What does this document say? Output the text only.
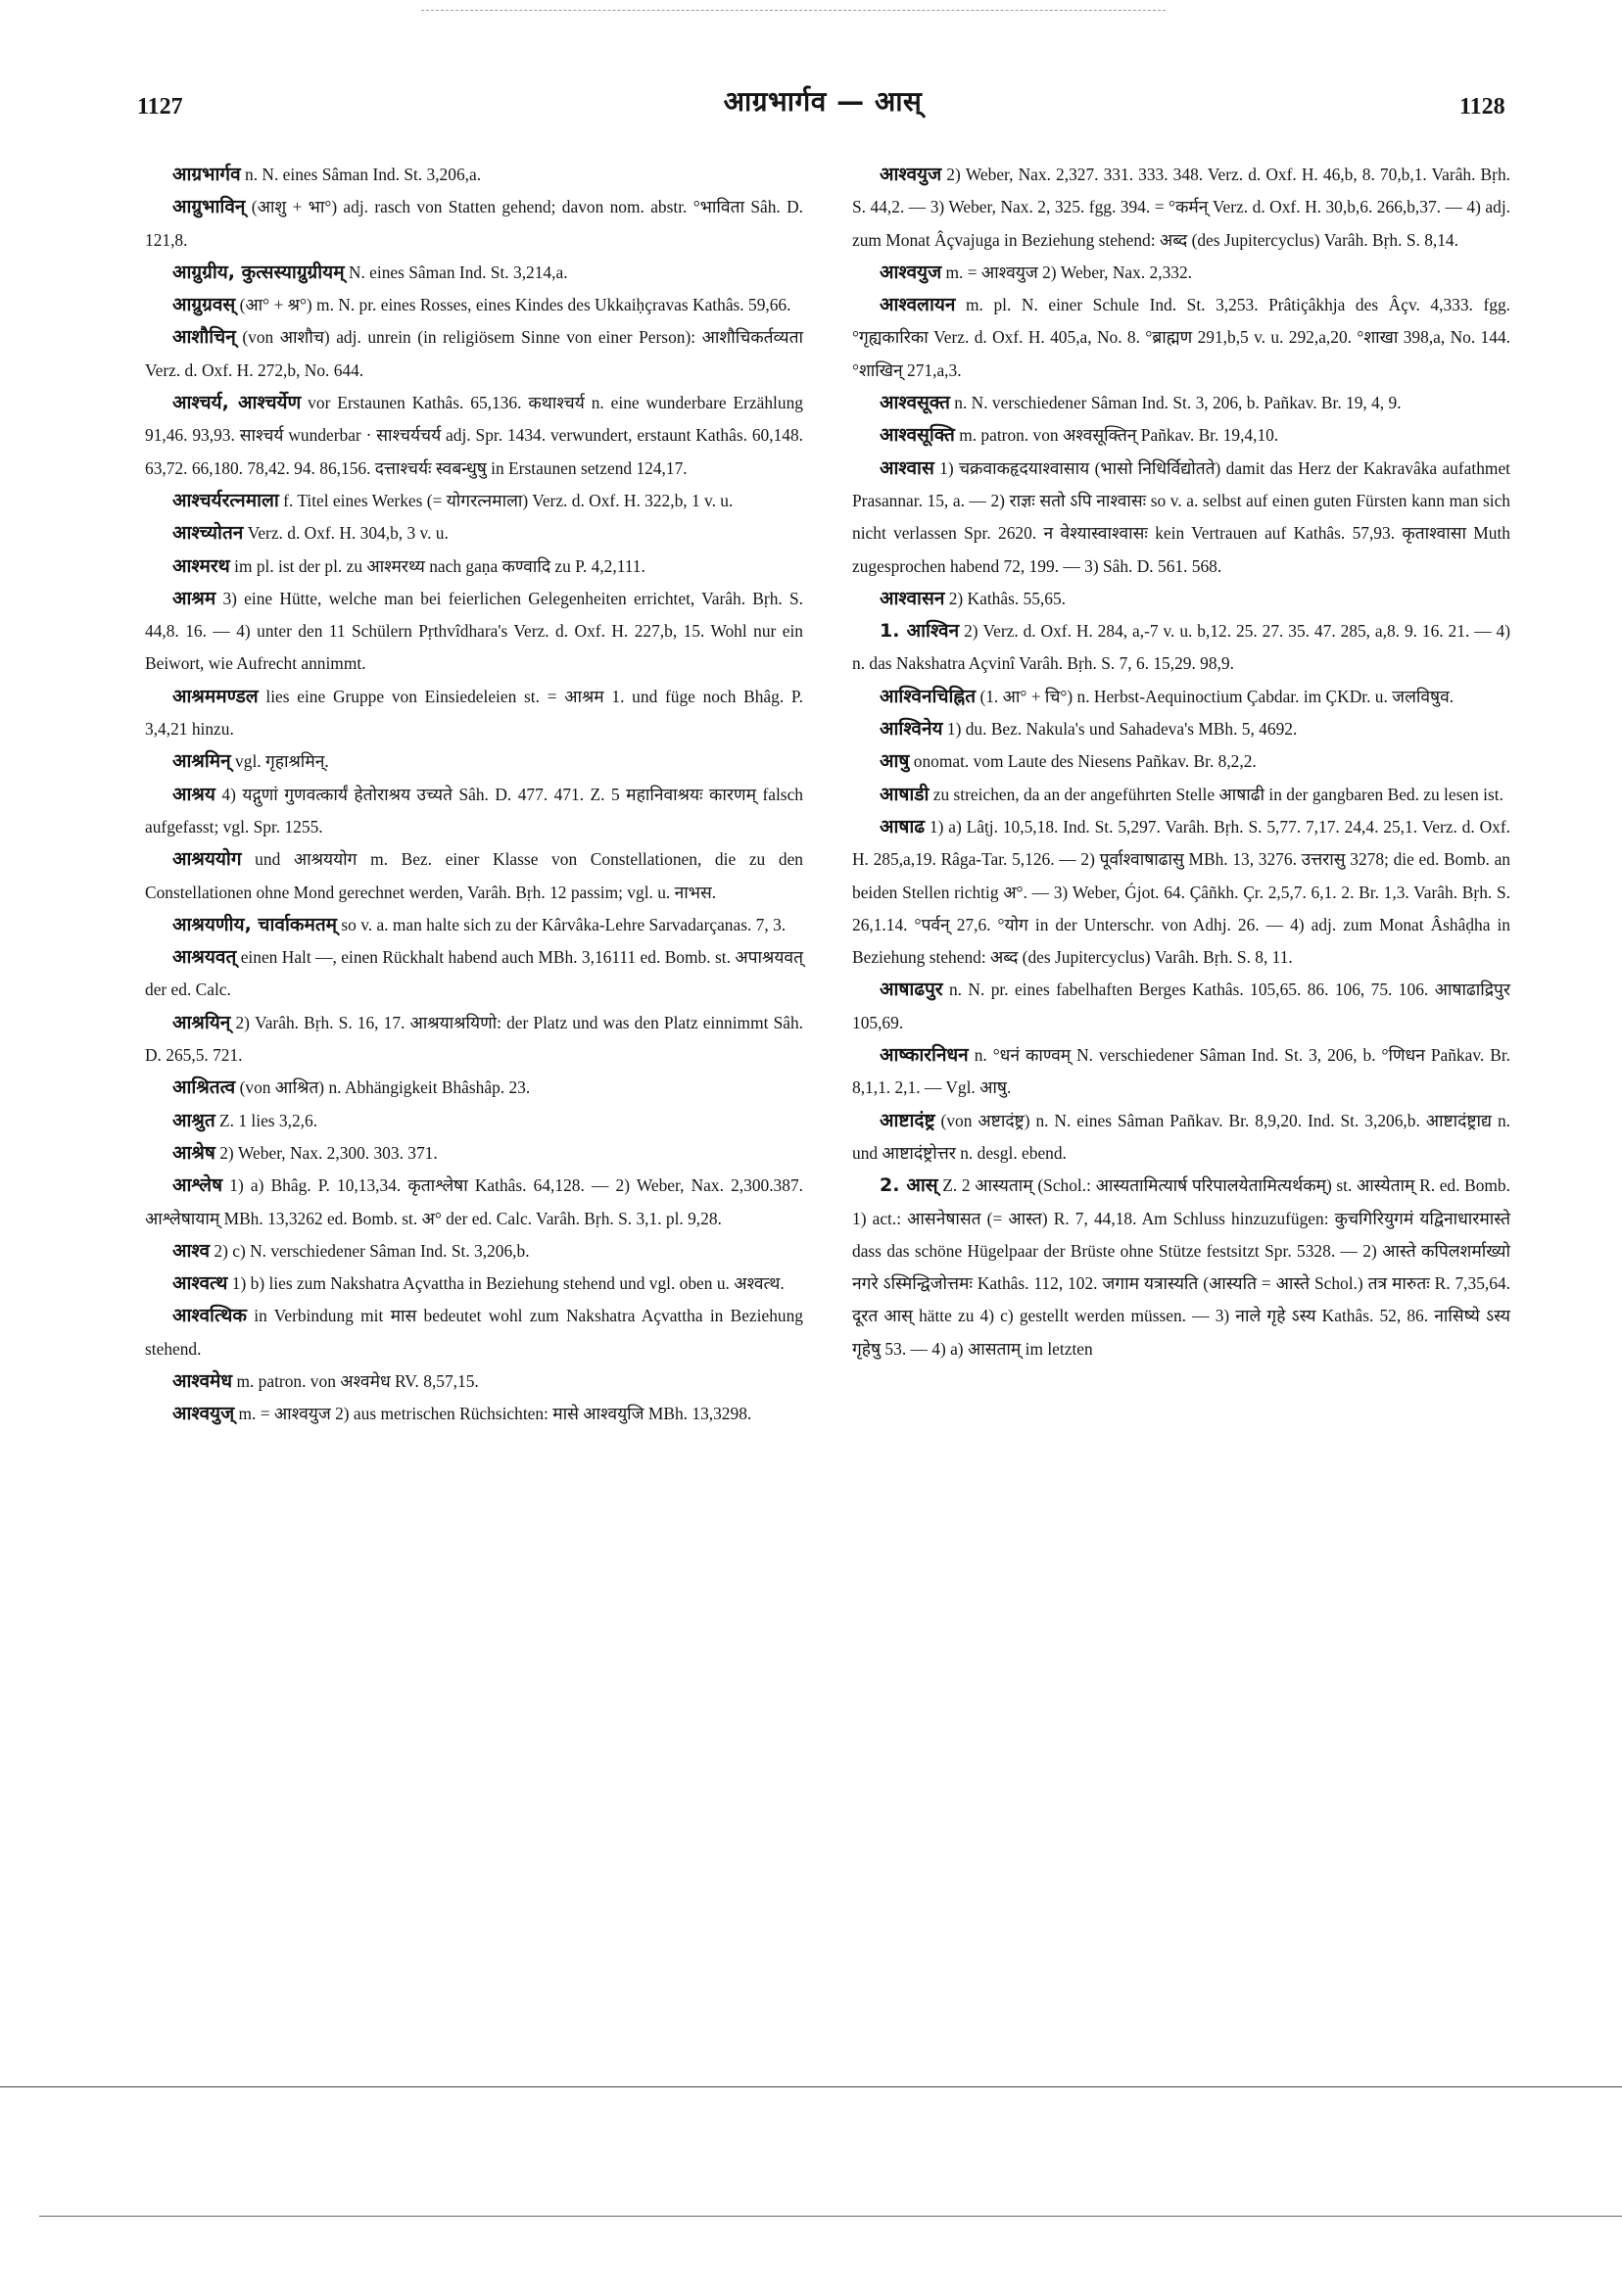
1127	आग्रभार्गव — आस्	1128

आग्रभार्गव n. N. eines Sâman Ind. St. 3,206,a.

आग्रुभाविन् (आशु + भा°) adj. rasch von Statten gehend; davon nom. abstr. °भाविता Sâh. D. 121,8.

आग्रुग्रीय, कुत्सस्याग्रुग्रीयम् N. eines Sâman Ind. St. 3,214,a.

आग्रुग्रवस् (आ° + श्र°) m. N. pr. eines Rosses, eines Kindes des Ukkaiḥçravas Kathâs. 59,66.

आशौचिन् (von आशौच) adj. unrein (in religiösem Sinne von einer Person): आशौचिकर्तव्यता Verz. d. Oxf. H. 272,b, No. 644.

आश्चर्य, आश्चर्येण vor Erstaunen Kathâs. 65,136. कथाश्चर्य n. eine wunderbare Erzählung 91,46. 93,93. साश्चर्य wunderbar · साश्चर्यचर्य adj. Spr. 1434. verwundert, erstaunt Kathâs. 60,148. 63,72. 66,180. 78,42. 94. 86,156. दत्ताश्चर्यः स्वबन्धुषु in Erstaunen setzend 124,17.

आश्चर्यरत्नमाला f. Titel eines Werkes (= योगरत्नमाला) Verz. d. Oxf. H. 322,b, 1 v. u.

आश्च्योतन Verz. d. Oxf. H. 304,b, 3 v. u.

आश्मरथ im pl. ist der pl. zu आश्मरथ्य nach gaṇa कण्वादि zu P. 4,2,111.

आश्रम 3) eine Hütte, welche man bei feierlichen Gelegenheiten errichtet, Varâh. Bṛh. S. 44,8. 16. — 4) unter den 11 Schülern Pṛthvîdhara's Verz. d. Oxf. H. 227,b, 15. Wohl nur ein Beiwort, wie Aufrecht annimmt.

आश्रममण्डल lies eine Gruppe von Einsiedeleien st. = आश्रम 1. und füge noch Bhâg. P. 3,4,21 hinzu.

आश्रमिन् vgl. गृहाश्रमिन्.

आश्रय 4) यद्गुणां गुणवत्कार्यं हेतोराश्रय उच्यते Sâh. D. 477. 471. Z. 5 महानिवाश्रयः कारणम् falsch aufgefasst; vgl. Spr. 1255.

आश्रययोग und आश्रययोग m. Bez. einer Klasse von Constellationen, die zu den Constellationen ohne Mond gerechnet werden, Varâh. Bṛh. 12 passim; vgl. u. नाभस.

आश्रयणीय, चार्वाकमतम् so v. a. man halte sich zu der Kârvâka-Lehre Sarvadarçanas. 7, 3.

आश्रयवत् einen Halt —, einen Rückhalt habend auch MBh. 3,16111 ed. Bomb. st. अपाश्रयवत् der ed. Calc.

आश्रयिन् 2) Varâh. Bṛh. S. 16, 17. आश्रयाश्रयिणो: der Platz und was den Platz einnimmt Sâh. D. 265,5. 721.

आश्रितत्व (von आश्रित) n. Abhängigkeit Bhâshâp. 23.

आश्रुत Z. 1 lies 3,2,6.

आश्रेष 2) Weber, Nax. 2,300. 303. 371.

आश्लेष 1) a) Bhâg. P. 10,13,34. कृताश्लेषा Kathâs. 64,128. — 2) Weber, Nax. 2,300.387. आश्लेषायाम् MBh. 13,3262 ed. Bomb. st. अ° der ed. Calc. Varâh. Bṛh. S. 3,1. pl. 9,28.

आश्व 2) c) N. verschiedener Sâman Ind. St. 3,206,b.

आश्वत्थ 1) b) lies zum Nakshatra Açvattha in Beziehung stehend und vgl. oben u. अश्वत्थ.

आश्वत्थिक in Verbindung mit मास bedeutet wohl zum Nakshatra Açvattha in Beziehung stehend.

आश्वमेध m. patron. von अश्वमेध RV. 8,57,15.

आश्वयुज् m. = आश्वयुज 2) aus metrischen Rüchsichten: मासे आश्वयुजि MBh. 13,3298.

आश्वयुज 2) Weber, Nax. 2,327. 331. 333. 348. Verz. d. Oxf. H. 46,b, 8. 70,b,1. Varâh. Bṛh. S. 44,2. — 3) Weber, Nax. 2, 325. fgg. 394. = °कर्मन् Verz. d. Oxf. H. 30,b,6. 266,b,37. — 4) adj. zum Monat Âçvajuga in Beziehung stehend: अब्द (des Jupitercyclus) Varâh. Bṛh. S. 8,14.

आश्वयुज m. = आश्वयुज 2) Weber, Nax. 2,332.

आश्वलायन m. pl. N. einer Schule Ind. St. 3,253. Prâtiçâkhja des Âçv. 4,333. fgg. °गृह्यकारिका Verz. d. Oxf. H. 405,a, No. 8. °ब्राह्मण 291,b,5 v. u. 292,a,20. °शाखा 398,a, No. 144. °शाखिन् 271,a,3.

आश्वसूक्त n. N. verschiedener Sâman Ind. St. 3, 206, b. Pañkav. Br. 19, 4, 9.

आश्वसूक्ति m. patron. von अश्वसूक्तिन् Pañkav. Br. 19,4,10.

आश्वास 1) चक्रवाकहृदयाश्वासाय (भासो निधिर्विद्योतते) damit das Herz der Kakravâka aufathmet Prasannar. 15, a. — 2) राज्ञः सतो ऽपि नाश्वासः so v. a. selbst auf einen guten Fürsten kann man sich nicht verlassen Spr. 2620. न वेश्यास्वाश्वासः kein Vertrauen auf Kathâs. 57,93. कृताश्वासा Muth zugesprochen habend 72, 199. — 3) Sâh. D. 561. 568.

आश्वासन 2) Kathâs. 55,65.

1. आश्विन 2) Verz. d. Oxf. H. 284, a,-7 v. u. b,12. 25. 27. 35. 47. 285, a,8. 9. 16. 21. — 4) n. das Nakshatra Açvinî Varâh. Bṛh. S. 7, 6. 15,29. 98,9.

आश्विनचिह्नित (1. आ° + चि°) n. Herbst-Aequinoctium Çabdar. im ÇKDr. u. जलविषुव.

आश्विनेय 1) du. Bez. Nakula's und Sahadeva's MBh. 5, 4692.

आषु onomat. vom Laute des Niesens Pañkav. Br. 8,2,2.

आषाडी zu streichen, da an der angeführten Stelle आषाढी in der gangbaren Bed. zu lesen ist.

आषाढ 1) a) Lâṭj. 10,5,18. Ind. St. 5,297. Varâh. Bṛh. S. 5,77. 7,17. 24,4. 25,1. Verz. d. Oxf. H. 285,a,19. Râga-Tar. 5,126. — 2) पूर्वाश्वाषाढासु MBh. 13, 3276. उत्तरासु 3278; die ed. Bomb. an beiden Stellen richtig अ°. — 3) Weber, Ǵjot. 64. Çâñkh. Çr. 2,5,7. 6,1. 2. Br. 1,3. Varâh. Bṛh. S. 26,1.14. °पर्वन् 27,6. °योग in der Unterschr. von Adhj. 26. — 4) adj. zum Monat Âshâḍha in Beziehung stehend: अब्द (des Jupitercyclus) Varâh. Bṛh. S. 8, 11.

आषाढपुर n. N. pr. eines fabelhaften Berges Kathâs. 105,65. 86. 106, 75. 106. आषाढाद्रिपुर 105,69.

आष्कारनिधन n. °धनं काण्वम् N. verschiedener Sâman Ind. St. 3, 206, b. °णिधन Pañkav. Br. 8,1,1. 2,1. — Vgl. आषु.

आष्टादंष्ट्र (von अष्टादंष्ट्र) n. N. eines Sâman Pañkav. Br. 8,9,20. Ind. St. 3,206,b. आष्टादंष्ट्राद्य n. und आष्टादंष्ट्रोत्तर n. desgl. ebend.

2. आस् Z. 2 आस्यताम् (Schol.: आस्यतामित्यार्ष परिपालयेतामित्यर्थकम्) st. आस्येताम् R. ed. Bomb. 1) act.: आसनेषासत (= आस्त) R. 7, 44,18. Am Schluss hinzuzufügen: कुचगिरियुगमं यद्विनाधारमास्ते dass das schöne Hügelpaar der Brüste ohne Stütze festsitzt Spr. 5328. — 2) आस्ते कपिलशर्माख्यो नगरे ऽस्मिन्द्विजोत्तमः Kathâs. 112, 102. जगाम यत्रास्यति (आस्यति = आस्ते Schol.) तत्र मारुतः R. 7,35,64. दूरत आस् hätte zu 4) c) gestellt werden müssen. — 3) नाले गृहे ऽस्य Kathâs. 52, 86. नासिष्ये ऽस्य गृहेषु 53. — 4) a) आसताम् im letzten
